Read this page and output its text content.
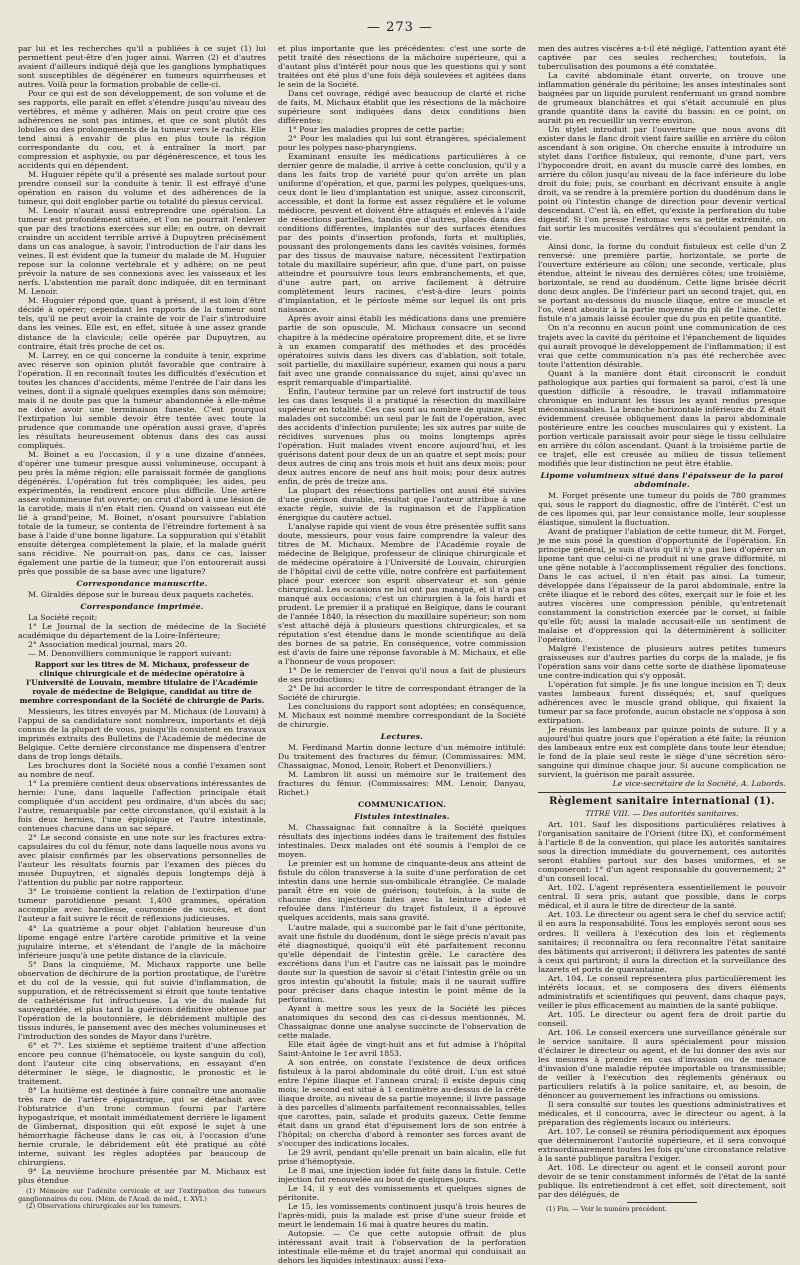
— 273 —

par lui et les recherches qu'il a publiées à ce sujet (1) lui permettent peut-être d'en juger ainsi. Warren (2) et d'autres avaient d'ailleurs indiqué déjà que les ganglions lymphatiques sont susceptibles de dégénérer en tumeurs squirrheuses et autres. Voilà pour la formation probable de celle-ci.

Pour ce qui est de son développement, de son volume et de ses rapports, elle paraît en effet s'étendre jusqu'au niveau des vertèbres, et même y adhérer. Mais on peut croire que ces adhérences ne sont pas intimes, et que ce sont plutôt des lobules ou des prolongements de la tumeur vers le rachis. Elle tend ainsi à envahir de plus en plus toute la région correspondante du cou, et à entraîner la mort par compression et asphyxie, ou par dégénérescence, et tous les accidents qui en dépendent.

M. Huguier répète qu'il a présenté ses malade surtout pour prendre conseil sur la conduite à tenir. Il est effrayé d'une opération en raison du volume et des adhérences de la tumeur, qui doit englober partie ou totalité du plexus cervical.

M. Lenoir n'aurait aussi entreprendre une opération. La tumeur est profondément située, et l'on ne pourrait l'enlever que par des tractions exercées sur elle; en outre, on devrait craindre un accident terrible arrivé à Dupuytren précisément dans un cas analogue, à savoir, l'introduction de l'air dans les veines. Il est évident que la tumeur du malade de M. Huguier repose sur la colonne vertébrale et y adhère; on ne peut prévoir la nature de ses connexions avec les vaisseaux et les nerfs. L'abstention me paraît donc indiquée, dit en terminant M. Lenoir.

M. Huguier répond que, quant à présent, il est loin d'être décidé à opérer; cependant les rapports de la tumeur sont tels, qu'il ne peut avoir la crainte de voir de l'air s'introduire dans les veines. Elle est, en effet, située à une assez grande distance de la clavicule; celle opérée par Dupuytren, au contraire, était très proche de cet os.

M. Larrey, en ce qui concerne la conduite à tenir, exprime avec réserve son opinion plutôt favorable que contraire à l'opération. Il en reconnaît toutes les difficultés d'exécution et toutes les chances d'accidents, même l'entrée de l'air dans les veines, dont il a signalé quelques exemples dans son mémoire; mais il ne doute pas que la tumeur abandonnée à elle-même ne doive avoir une terminaison funeste. C'est pourquoi l'extirpation lui semble devoir être tentée avec toute la prudence que commande une opération aussi grave, d'après les résultats heureusement obtenus dans des cas aussi compliqués.

M. Boinet a eu l'occasion, il y a une dizaine d'années, d'opérer une tumeur presque aussi volumineuse, occupant à peu près la même région; elle paraissait formée de ganglions dégénérés. L'opération fut très compliquée; les aides, peu expérimentés, la rendirent encore plus difficile. Une artère assez volumineuse fut ouverte; on crut d'abord à une lésion de la carotide, mais il n'en était rien. Quand on vaisseau eut été lié à grand'peine, M. Boinet, n'osant poursuivre l'ablation totale de la tumeur, se contenta de l'étreindre fortement à sa base à l'aide d'une bonne ligature. La suppuration qui s'établit ensuite détergea complètement la plaie, et la malade guérit sans récidive. Ne pourrait-on pas, dans ce cas, laisser également une partie de la tumeur, que l'on entourerait aussi près que possible de sa base avec une ligature?

Correspondance manuscrite.

M. Giraldès dépose sur le bureau deux paquets cachetés.

Correspondance imprimée.

La Société reçoit:

1° Le Journal de la section de médecine de la Société académique du département de la Loire-Inférieure;

2° Association medical journal, mars 20.

— M. Denonvilliers communique le rapport suivant:

Rapport sur les titres de M. Michaux, professeur de clinique chirurgicale et de médecine opératoire à l'Université de Louvain, membre titulaire de l'Académie royale de médecine de Belgique, candidat au titre de membre correspondant de la Société de chirurgie de Paris.

Messieurs, les titres envoyés par M. Michaux (de Louvain) à l'appui de sa candidature sont nombreux, importants et déjà connus de la plupart de vous, puisqu'ils consistent en travaux imprimés extraits des Bulletins de l'Académie de médecine de Belgique. Cette dernière circonstance me dispensera d'entrer dans de trop longs détails.

Les brochures dont la Société nous a confié l'examen sont au nombre de neuf.

1° La première contient deux observations intéressantes de hernie: l'une, dans laquelle l'affection principale était compliquée d'un accident peu ordinaire, d'un abcès du sac; l'autre, remarquable par cette circonstance, qu'il existait à la fois deux hernies, l'une épiploïque et l'autre intestinale, contenues chacune dans un sac séparé.

2° Le second consiste en une note sur les fractures extra-capsulaires du col du fémur, note dans laquelle nous avons vu avec plaisir confirmés par les observations personnelles de l'auteur les résultats fournis par l'examen des pièces du musée Dupuytren, et signalés depuis longtemps déjà à l'attention du public par notre rapporteur.

3° Le troisième contient la relation de l'extirpation d'une tumeur parotidienne pesant 1,400 grammes, opération accomplie avec hardiesse, couronnée de succès, et dont l'auteur a fait suivre le récit de réflexions judicieuses.

4° La quatrième a pour objet l'ablation heureuse d'un lipome engagé entre l'artère carotide primitive et la veine jugulaire interne, et s'étendant de l'angle de la mâchoire inférieure jusqu'à une petite distance de la clavicule.

5° Dans la cinquième, M. Michaux rapporte une belle observation de déchirure de la portion prostatique, de l'urètre et du col de la vessie, qui fut suivie d'inflammation, de suppuration, et de rétrécissement si étroit que toute tentative de cathétérisme fut infructueuse. La vie du malade fut sauvegardée, et plus tard la guérison définitive obtenue par l'opération de la boutonnière, le débridement multiple des tissus indurés, le pansement avec des mèches volumineuses et l'introduction des sondes de Mayor dans l'urètre.

6° et 7°. Les sixième et septième traitent d'une affection encore peu connue (l'hématocèle, ou kyste sanguin du col), dont l'auteur cite cinq observations, en essayant d'en déterminer le siège, le diagnostic, le pronostic et le traitement.

8° La huitième est destinée à faire connaître une anomalie très rare de l'artère épigastrique, qui se détachait avec l'obturatrice d'un tronc commun fourni par l'artère hypogastrique, et montait immédiatement derrière le ligament de Gimbernat, disposition qui eût exposé le sujet à une hémorrhagie fâcheuse dans le cas où, à l'occasion d'une hernie crurale, le débridement eût été pratiqué au côté interne, suivant les règles adoptées par beaucoup de chirurgiens.

9° La neuvième brochure présentée par M. Michaux est plus étendue

(1) Mémoire sur l'adénite cervicale et sur l'extirpation des tumeurs ganglionnaires du cou. (Mém. de l'Acad. de méd., t. XVI.)

(2) Observations chirurgicales sur les tumeurs.

et plus importante que les précédentes: c'est une sorte de petit traité des résections de la mâchoire supérieure, qui a d'autant plus d'intérêt pour nous que les questions qui y sont traitées ont été plus d'une fois déjà soulevées et agitées dans le sein de la Société.

Dans cet ouvrage, rédigé avec beaucoup de clarté et riche de faits, M. Michaux établit que les résections de la mâchoire supérieure sont indiquées dans deux conditions bien différentes:

1° Pour les maladies propres de cette partie;

2° Pour les maladies qui lui sont étrangères, spécialement pour les polypes naso-pharyngiens.

Examinant ensuite les médications particulières à ce dernier genre de maladie, il arrive à cette conclusion, qu'il y a dans les faits trop de variété pour qu'on arrête un plan uniforme d'opération, et que, parmi les polypes, quelques-uns, ceux dont le lieu d'implantation est unique, assez circonscrit, accessible, et dont la forme est assez régulière et le volume médiocre, peuvent et doivent être attaqués et enlevés à l'aide de résections partielles, tandis que d'autres, placés dans des conditions différentes, implantés sur des surfaces étendues par des points d'insertion profonds, forts et multipliés, poussant des prolongements dans les cavités voisines, formés par des tissus de mauvaise nature, nécessitent l'extirpation totale du maxillaire supérieur, afin que, d'une part, on puisse atteindre et poursuivre tous leurs embranchements, et que, d'une autre part, on arrive facilement à détruire complètement leurs racines, c'est-à-dire leurs points d'implantation, et le périoste même sur lequel ils ont pris naissance.

Après avoir ainsi établi les médications dans une première partie de son opuscule, M. Michaux consacre un second chapitre à la médecine opératoire proprement dite, et se livre à un examen comparatif des méthodes et des procédés opératoires suivis dans les divers cas d'ablation, soit totale, soit partielle, du maxillaire supérieur, examen qui nous a paru fait avec une grande connaissance du sujet, ainsi qu'avec un esprit remarquable d'impartialité.

Enfin, l'auteur termine par un relevé fort instructif de tous les cas dans lesquels il a pratiqué la résection du maxillaire supérieur en totalité. Ces cas sont au nombre de quinze. Sept malades ont succombé: un seul par le fait de l'opération, avec des accidents d'infection purulente; les six autres par suite de récidives survenues plus ou moins longtemps après l'opération. Huit malades vivent encore aujourd'hui, et les guérisons datent pour deux de un an quatre et sept mois; pour deux autres de cinq ans trois mois et huit ans deux mois; pour deux autres encore de neuf ans huit mois; pour deux autres enfin, de près de treize ans.

La plupart des résections partielles ont aussi été suivies d'une guérison durable, résultat que l'auteur attribue à une exacte règle, suivie de la ruginaison et de l'application énergique du cautère actuel.

L'analyse rapide qui vient de vous être présentée suffit sans doute, messieurs, pour vous faire comprendre la valeur des titres de M. Michaux. Membre de l'Académie royale de médecine de Belgique, professeur de clinique chirurgicale et de médecine opératoire à l'Université de Louvain, chirurgien de l'hôpital civil de cette ville, notre confrère est parfaitement placé pour exercer son esprit observateur et son génie chirurgical. Les occasions ne lui ont pas manqué, et il n'a pas manqué aux occasions; c'est un chirurgien à la fois hardi et prudent. Le premier il a pratiqué en Belgique, dans le courant de l'année 1840, la résection du maxillaire supérieur; son nom s'est attaché déjà à plusieurs questions chirurgicales, et sa réputation s'est étendue dans le monde scientifique au delà des bornes de sa patrie. En conséquence, votre commission est d'avis de faire une réponse favorable à M. Michaux, et elle a l'honneur de vous proposer:

1° De le remercier de l'envoi qu'il nous a fait de plusieurs de ses productions;

2° De lui accorder le titre de correspondant étranger de la Société de chirurgie.

Les conclusions du rapport sont adoptées; en conséquence, M. Michaux est nommé membre correspondant de la Société de chirurgie.

Lectures.

M. Ferdinand Martin donne lecture d'un mémoire intitulé: Du traitement des fractures du fémur. (Commissaires: MM. Chassaignac, Monod, Lenoir, Robert et Denonvilliers.)

M. Lambron lit aussi un mémoire sur le traitement des fractures du fémur. (Commissaires: MM. Lenoir, Danyau, Richet.)

COMMUNICATION.
Fistules intestinales.

M. Chassaignac fait connaître à la Société quelques résultats des injections iodées dans le traitement des fistules intestinales. Deux malades ont été soumis à l'emploi de ce moyen.

Le premier est un homme de cinquante-deux ans atteint de fistule du côlon transverse à la suite d'une perforation de cet intestin dans une hernie sus-ombilicale étranglée. Ce malade paraît être en voie de guérison; toutefois, à la suite de chacune des injections faites avec la teinture d'iode et refoulée dans l'intérieur du trajet fistuleux, il a éprouvé quelques accidents, mais sans gravité.

L'autre malade, qui a succombé par le fait d'une péritonite, avait une fistule du duodénum, dont le siège précis n'avait pas été diagnostiqué, quoiqu'il eût été parfaitement reconnu qu'elle dépendait de l'intestin grêle. Le caractère des excrétions dans l'un et l'autre cas ne laissait pas le moindre doute sur la question de savoir si c'était l'intestin grêle ou un gros intestin qu'aboutit la fistule; mais il ne saurait suffire pour préciser dans chaque intestin le point même de la perforation.

Ayant à mettre sous les yeux de la Société les pièces anatomiques du second des cas ci-dessus mentionnés, M. Chassaignac donne une analyse succincte de l'observation de cette malade.

Elle était âgée de vingt-huit ans et fut admise à l'hôpital Saint-Antoine le 1er avril 1853.

A son entrée, on constate l'existence de deux orifices fistuleux à la paroi abdominale du côté droit. L'un est situé entre l'épine iliaque et l'anneau crural; il existe depuis cinq mois; le second est situé à 1 centimètre au-dessus de la crête iliaque droite, au niveau de sa partie moyenne; il livre passage à des parcelles d'aliments parfaitement reconnaissables, telles que carottes, pain, salade et produits gazeux. Cette femme était dans un grand état d'épuisement lors de son entrée à l'hôpital; on chercha d'abord à remonter ses forces avant de s'occuper des indications locales.

Le 29 avril, pendant qu'elle prenait un bain alcalin, elle fut prise d'hémoptysie.

Le 8 mai, une injection iodée fut faite dans la fistule. Cette injection fut renouvelée au bout de quelques jours.

Le 14, il y eut des vomissements et quelques signes de péritonite.

Le 15, les vomissements continuent jusqu'à trois heures de l'après-midi, puis la malade est prise d'une sueur froide et meurt le lendemain 16 mai à quatre heures du matin.

Autopsie. — Ce que cette autopsie offrait de plus intéressant avait trait à l'observation de la perforation intestinale elle-même et du trajet anormal qui conduisait au dehors les liquides intestinaux: aussi l'exa-

men des autres viscères a-t-il été négligé, l'attention ayant été captivée par ces seules recherches; toutefois, la tuberculisation des poumons a été constatée.

La cavité abdominale étant ouverte, on trouve une inflammation générale du péritoine; les anses intestinales sont baignées par un liquide purulent renfermant un grand nombre de grumeaux blanchâtres et qui s'était accumulé en plus grande quantité dans la cavité du bassin: en ce point, on aurait pu en recueillir un verre environ.

Un stylet introduit par l'ouverture que nous avons dit exister dans le flanc droit vient faire saillie en arrière du côlon ascendant à son origine. On cherche ensuite à introduire un stylet dans l'orifice fistuleux, qui remonte, d'une part, vers l'hypocondre droit, en avant du muscle carré des lombes, en arrière du côlon jusqu'au niveau de la face inférieure du lobe droit du foie; puis, se courbant en décrivant ensuite à angle droit, va se rendre à la première portion du duodénum dans le point où l'intestin change de direction pour devenir vertical descendant. C'est là, en effet, qu'existe la perforation du tube digestif. Si l'on presse l'estomac vers sa petite extrémité, on fait sortir les mucosités verdâtres qui s'écoulaient pendant la vie.

Ainsi donc, la forme du conduit fistuleux est celle d'un Z renversé: une première partie, horizontale, se porte de l'ouverture extérieure au côlon; une seconde, verticale, plus étendue, atteint le niveau des dernières côtes; une troisième, horizontale, se rend au duodénum. Cette ligne brisée décrit donc deux angles. De l'inférieur part un second trajet, qui, en se portant au-dessous du muscle iliaque, entre ce muscle et l'os, vient aboutir à la partie moyenne du pli de l'aine. Cette fistule n'a jamais laissé écouler que du pus en petite quantité.

On n'a reconnu en aucun point une communication de ces trajets avec la cavité du péritoine et l'épanchement de liquides qui aurait provoqué le développement de l'inflammation; il est vrai que cette communication n'a pas été recherchée avec toute l'attention désirable.

Quant à la manière dont était circonscrit le conduit pathologique aux parties qui formaient sa paroi, c'est là une question difficile à résoudre, le travail inflammatoire chronique en indurant les tissus les ayant rendus presque méconnaissables. La branche horizontale inférieure du Z était évidemment creusée obliquement dans la paroi abdominale postérieure entre les couches musculaires qui y existent. La portion verticale paraissait avoir pour siège le tissu cellulaire en arrière du côlon ascendant. Quant à la troisième partie de ce trajet, elle est creusée au milieu de tissus tellement modifiés que leur distinction ne peut être établie.

Lipome volumineux situé dans l'épaisseur de la paroi abdominale.

M. Forget présente une tumeur du poids de 780 grammes qui, sous le rapport du diagnostic, offre de l'intérêt. C'est un de ces lipomes qui, par leur consistance molle, leur souplesse élastique, simulent la fluctuation.

Avant de pratiquer l'ablation de cette tumeur, dit M. Forget, je me suis posé la question d'opportunité de l'opération. En principe général, je suis d'avis qu'il n'y a pas lieu d'opérer un lipome tant que celui-ci ne produit ni une grave difformité, ni une gêne notable à l'accomplissement régulier des fonctions. Dans le cas actuel, il n'en était pas ainsi. La tumeur, développée dans l'épaisseur de la paroi abdominale, entre la crête iliaque et le rebord des côtes, exerçait sur le foie et les autres viscères une compression pénible, qu'entretenait constamment la constriction exercée par le corset, si faible qu'elle fût; aussi la malade accusait-elle un sentiment de malaise et d'oppression qui la déterminèrent à solliciter l'opération.

Malgré l'existence de plusieurs autres petites tumeurs graisseuses sur d'autres parties du corps de la malade, je fis l'opération sans voir dans cette sorte de diathèse lipomateuse une contre-indication qui s'y opposât.

L'opération fut simple. Je fis une longue incision en T; deux vastes lambeaux furent disséqués; et, sauf quelques adhérences avec le muscle grand oblique, qui fixaient la tumeur par sa face profonde, aucun obstacle ne s'opposa à son extirpation.

Je réunis les lambeaux par quinze points de suture. Il y a aujourd'hui quatre jours que l'opération a été faite; la réunion des lambeaux entre eux est complète dans toute leur étendue; le fond de la plaie seul reste le siège d'une sécrétion séro-sanguine qui diminue chaque jour. Si aucune complication ne survient, la guérison me paraît assurée.

Le vice-secrétaire de la Société, A. Labords.

Règlement sanitaire international (1).

TITRE VIII. — Des autorités sanitaires.

Art. 101. Sauf les dispositions particulières relatives à l'organisation sanitaire de l'Orient (titre IX), et conformément à l'article 8 de la convention, qui place les autorités sanitaires sous la direction immédiate du gouvernement, ces autorités seront établies partout sur des bases uniformes, et se composeront: 1° d'un agent responsable du gouvernement; 2° d'un conseil local.

Art. 102. L'agent représentera essentiellement le pouvoir central. Il sera pris, autant que possible, dans le corps médical, et il aura le titre de directeur de la santé.

Art. 103. Le directeur ou agent sera le chef du service actif; il en aura la responsabilité. Tous les employés seront sous ses ordres. Il veillera à l'exécution des lois et règlements sanitaires; il reconnaîtra ou fera reconnaître l'état sanitaire des bâtiments qui arriveront; il délivrera les patentes de santé à ceux qui partiront; il aura la direction et la surveillance des lazarets et ports de quarantaine.

Art. 104. Le conseil représentera plus particulièrement les intérêts locaux, et se composera des divers éléments administratifs et scientifiques qui peuvent, dans chaque pays, veiller le plus efficacement au maintien de la santé publique.

Art. 105. Le directeur ou agent fera de droit partie du conseil.

Art. 106. Le conseil exercera une surveillance générale sur le service sanitaire. Il aura spécialement pour mission d'éclairer le directeur ou agent, et de lui donner des avis sur les mesures à prendre en cas d'invasion ou de menace d'invasion d'une maladie réputée importable ou transmissible; de veiller à l'exécution des règlements généraux ou particuliers relatifs à la police sanitaire, et, au besoin, de dénoncer au gouvernement les infractions ou omissions.

Il sera consulté sur toutes les questions administratives et médicales, et il concourra, avec le directeur ou agent, à la préparation des règlements locaux ou intérieurs.

Art. 107. Le conseil se réunira périodiquement aux époques que détermineront l'autorité supérieure, et il sera convoqué extraordinairement toutes les fois qu'une circonstance relative à la santé publique paraîtra l'exiger.

Art. 108. Le directeur ou agent et le conseil auront pour devoir de se tenir constamment informés de l'état de la santé publique. Ils entretiendront à cet effet, soit directement, soit par des délégués, de

(1) Fin. — Voir le numéro précédent.
